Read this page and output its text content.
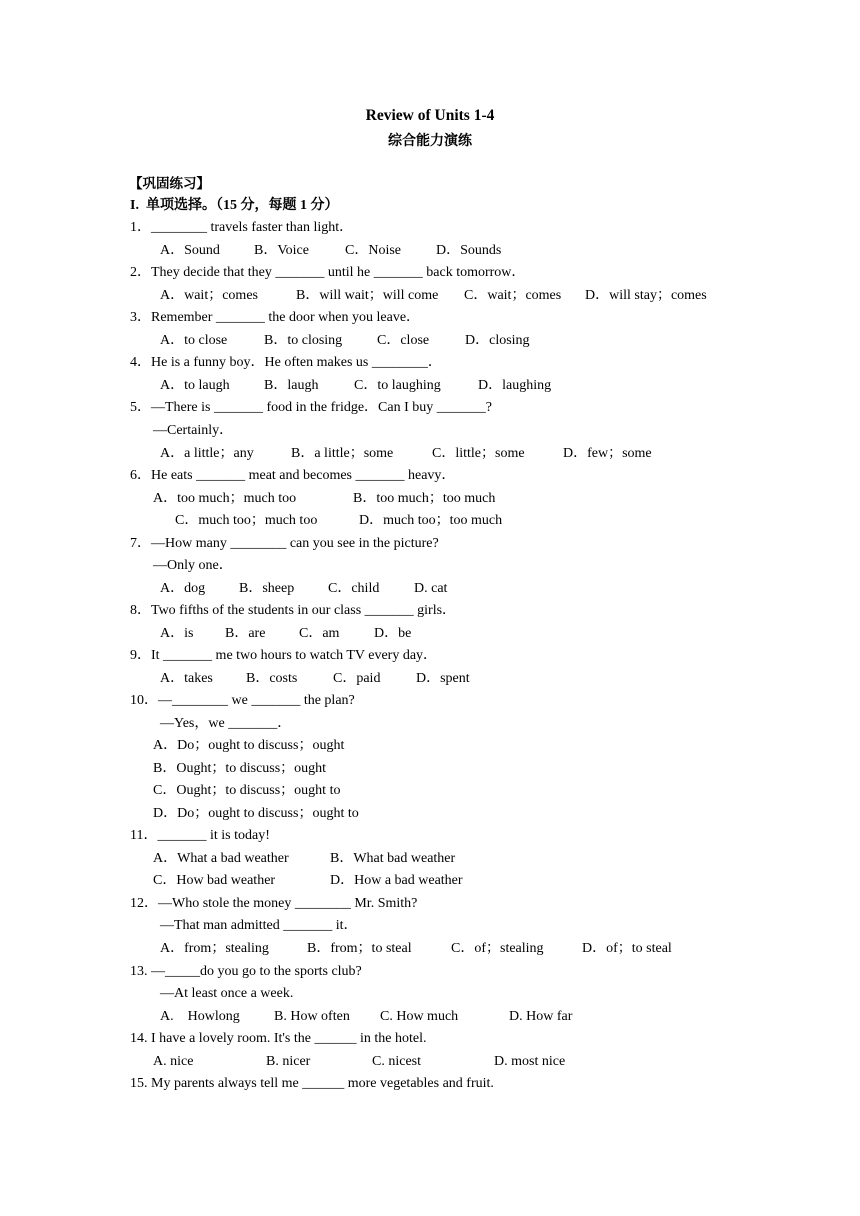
Review of Units 1-4
综合能力演练
【巩固练习】
I.  单项选择。（15 分，每题 1 分）
1．________ travels faster than light．
A．Sound B．Voice	C．Noise	D．Sounds
2．They decide that they _______ until he _______ back tomorrow．
A．wait；comes	B．will wait；will come C．wait；comes D．will stay；comes
3．Remember _______ the door when you leave．
A．to close	B．to closing C．close	D．closing
4．He is a funny boy．He often makes us ________．
A．to laugh B．laugh	C．to laughing	D．laughing
5．—There is _______ food in the fridge．Can I buy _______?
—Certainly．
A．a little；any	B．a little；some	C．little；some	D．few；some
6．He eats _______ meat and becomes _______ heavy．
A．too much；much too	B．too much；too much
C．much too；much too	D．much too；too much
7．—How many ________ can you see in the picture?
—Only one．
A．dog B．sheep C．child D. cat
8．Two fifths of the students in our class _______ girls．
A．is B．are C．am D．be
9．It _______ me two hours to watch TV every day．
A．takes B．costs	C．paid	D．spent
10．—________ we _______ the plan?
—Yes，we _______．
A．Do；ought to discuss；ought
B．Ought；to discuss；ought
C．Ought；to discuss；ought to
D．Do；ought to discuss；ought to
11．_______ it is today!
A．What a bad weather	B．What bad weather
C．How bad weather	D．How a bad weather
12．—Who stole the money ________ Mr. Smith?
—That man admitted _______ it．
A．from；stealing	B．from；to steal	C．of；stealing	D．of；to steal
13. —_____do you go to the sports club?
—At least once a week.
A.    Howlong B. How often C. How much	D. How far
14. I have a lovely room. It's the ______ in the hotel.
A. nice	B. nicer	C. nicest	D. most nice
15. My parents always tell me ______ more vegetables and fruit.
